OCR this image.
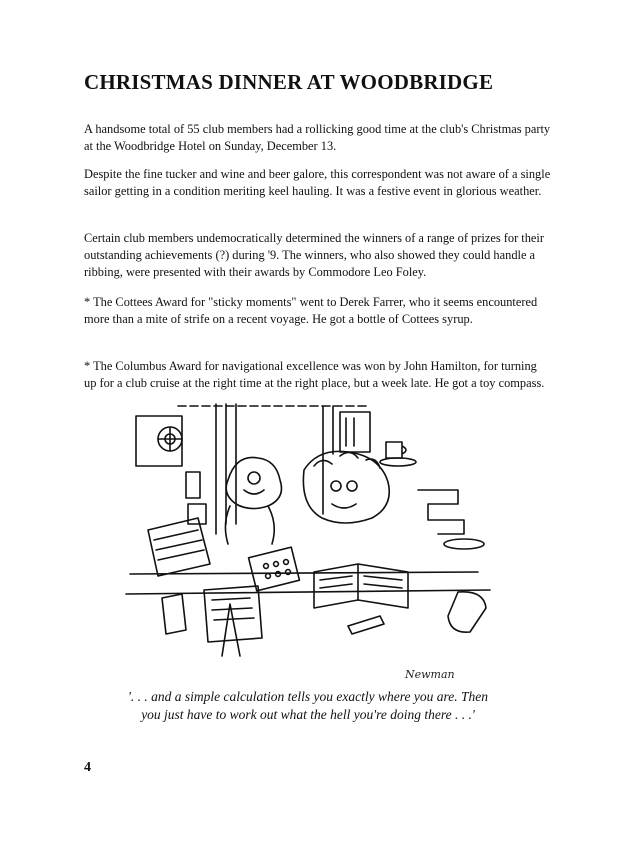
CHRISTMAS DINNER AT WOODBRIDGE

A handsome total of 55 club members had a rollicking good time at the club's Christmas party at the Woodbridge Hotel on Sunday, December 13.

Despite the fine tucker and wine and beer galore, this correspondent was not aware of a single sailor getting in a condition meriting keel hauling. It was a festive event in glorious weather.

Certain club members undemocratically determined the winners of a range of prizes for their outstanding achievements (?) during '9. The winners, who also showed they could handle a ribbing, were presented with their awards by Commodore Leo Foley.

* The Cottees Award for "sticky moments" went to Derek Farrer, who it seems encountered more than a mite of strife on a recent voyage. He got a bottle of Cottees syrup.

* The Columbus Award for navigational excellence was won by John Hamilton, for turning up for a club cruise at the right time at the right place, but a week late. He got a toy compass.

Newman

'. . . and a simple calculation tells you exactly where you are. Then you just have to work out what the hell you're doing there . . .'

4
